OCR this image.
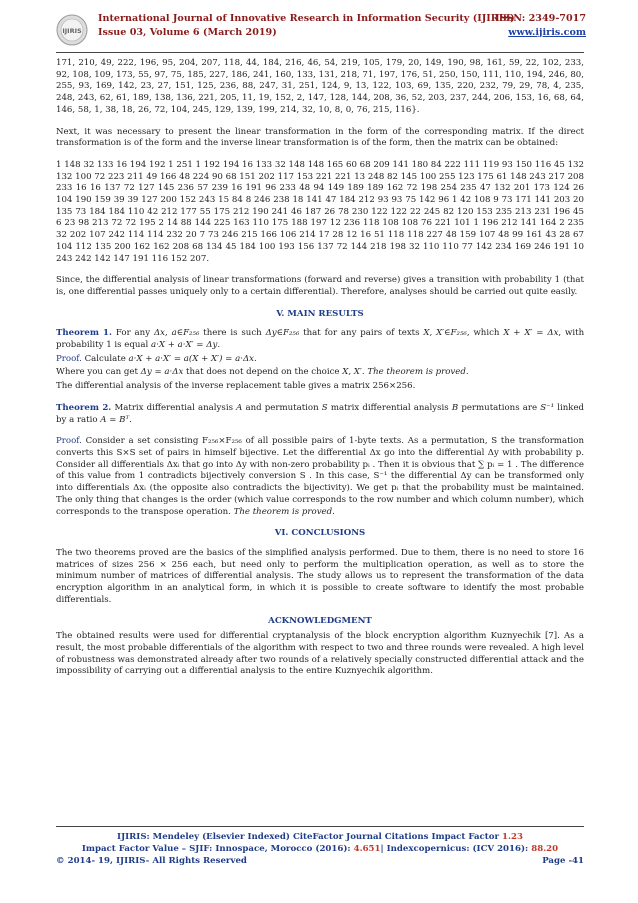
IJIRIS
International Journal of Innovative Research in Information Security (IJIRIS)
Issue 03, Volume 6 (March 2019)
ISSN: 2349-7017
www.ijiris.com

171, 210, 49, 222, 196, 95, 204, 207, 118, 44, 184, 216, 46, 54, 219, 105, 179, 20, 149, 190, 98, 161, 59, 22, 102, 233, 92, 108, 109, 173, 55, 97, 75, 185, 227, 186, 241, 160, 133, 131, 218, 71, 197, 176, 51, 250, 150, 111, 110, 194, 246, 80, 255, 93, 169, 142, 23, 27, 151, 125, 236, 88, 247, 31, 251, 124, 9, 13, 122, 103, 69, 135, 220, 232, 79, 29, 78, 4, 235, 248, 243, 62, 61, 189, 138, 136, 221, 205, 11, 19, 152, 2, 147, 128, 144, 208, 36, 52, 203, 237, 244, 206, 153, 16, 68, 64, 146, 58, 1, 38, 18, 26, 72, 104, 245, 129, 139, 199, 214, 32, 10, 8, 0, 76, 215, 116}.

Next, it was necessary to present the linear transformation in the form of the corresponding matrix. If the direct transformation is of the form and the inverse linear transformation is of the form, then the matrix can be obtained:

1 148 32 133 16 194 192 1 251 1 192 194 16 133 32 148 148 165 60 68 209 141 180 84 222 111 119 93 150 116 45 132 132 100 72 223 211 49 166 48 224 90 68 151 202 117 153 221 221 13 248 82 145 100 255 123 175 61 148 243 217 208 233 16 16 137 72 127 145 236 57 239 16 191 96 233 48 94 149 189 189 162 72 198 254 235 47 132 201 173 124 26 104 190 159 39 39 127 200 152 243 15 84 8 246 238 18 141 47 184 212 93 93 75 142 96 1 42 108 9 73 171 141 203 20 135 73 184 184 110 42 212 177 55 175 212 190 241 46 187 26 78 230 122 122 22 245 82 120 153 235 213 231 196 45 6 23 98 213 72 72 195 2 14 88 144 225 163 110 175 188 197 12 236 118 108 108 76 221 101 1 196 212 141 164 2 235 32 202 107 242 114 114 232 20 7 73 246 215 166 106 214 17 28 12 16 51 118 118 227 48 159 107 48 99 161 43 28 67 104 112 135 200 162 162 208 68 134 45 184 100 193 156 137 72 144 218 198 32 110 110 77 142 234 169 246 191 10 243 242 142 147 191 116 152 207.

Since, the differential analysis of linear transformations (forward and reverse) gives a transition with probability 1 (that is, one differential passes uniquely only to a certain differential). Therefore, analyses should be carried out quite easily.

V. MAIN RESULTS

Theorem 1. For any Δx, a∈F₂₅₆ there is such Δy∈F₂₅₆ that for any pairs of texts X, X′∈F₂₅₆, which X + X′ = Δx, with probability 1 is equal a·X + a·X′ = Δy.

Proof. Calculate a·X + a·X′ = a(X + X′) = a·Δx.

Where you can get Δy = a·Δx that does not depend on the choice X, X′. The theorem is proved.

The differential analysis of the inverse replacement table gives a matrix 256×256.

Theorem 2. Matrix differential analysis A and permutation S matrix differential analysis B permutations are S⁻¹ linked by a ratio A = Bᵀ.

Proof. Consider a set consisting F₂₅₆×F₂₅₆ of all possible pairs of 1-byte texts. As a permutation, S the transformation converts this S×S set of pairs in himself bijective. Let the differential Δx go into the differential Δy with probability p. Consider all differentials Δxᵢ that go into Δy with non-zero probability pᵢ . Then it is obvious that ∑ pᵢ = 1 . The difference of this value from 1 contradicts bijectively conversion S . In this case, S⁻¹ the differential Δy can be transformed only into differentials Δxᵢ (the opposite also contradicts the bijectivity). We get pᵢ that the probability must be maintained. The only thing that changes is the order (which value corresponds to the row number and which column number), which corresponds to the transpose operation. The theorem is proved.

VI. CONCLUSIONS

The two theorems proved are the basics of the simplified analysis performed. Due to them, there is no need to store 16 matrices of sizes 256 × 256 each, but need only to perform the multiplication operation, as well as to store the minimum number of matrices of differential analysis. The study allows us to represent the transformation of the data encryption algorithm in an analytical form, in which it is possible to create software to identify the most probable differentials.

ACKNOWLEDGMENT

The obtained results were used for differential cryptanalysis of the block encryption algorithm Kuznyechik [7]. As a result, the most probable differentials of the algorithm with respect to two and three rounds were revealed. A high level of robustness was demonstrated already after two rounds of a relatively specially constructed differential attack and the impossibility of carrying out a differential analysis to the entire Kuznyechik algorithm.

IJIRIS: Mendeley (Elsevier Indexed) CiteFactor Journal Citations Impact Factor 1.23
Impact Factor Value – SJIF: Innospace, Morocco (2016): 4.651| Indexcopernicus: (ICV 2016): 88.20
© 2014- 19, IJIRIS- All Rights Reserved	Page -41
